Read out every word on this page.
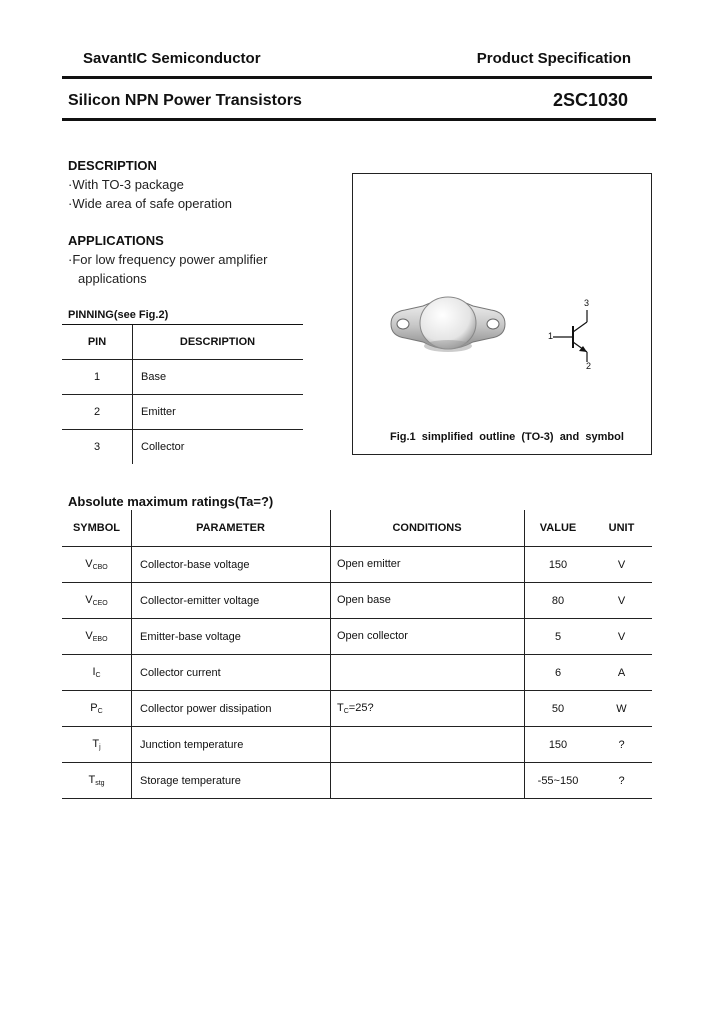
SavantIC Semiconductor	Product Specification
Silicon NPN Power Transistors	2SC1030
DESCRIPTION
·With TO-3 package
·Wide area of safe operation
APPLICATIONS
·For low frequency power amplifier
applications
PINNING(see Fig.2)
PIN	DESCRIPTION
1	Base
2	Emitter
3	Collector
3
1
2
Fig.1  simplified  outline  (TO-3)  and  symbol
Absolute maximum ratings(Ta=?)
SYMBOL	PARAMETER	CONDITIONS	VALUE	UNIT
$V_{CBO}$	Collector-base voltage	Open emitter	150	V
$V_{CEO}$	Collector-emitter voltage	Open base	80	V
$V_{EBO}$	Emitter-base voltage	Open collector	5	V
$I_C$	Collector current		6	A
$P_C$	Collector power dissipation	$T_C=25$?	50	W
$T_j$	Junction temperature		150	?
$T_{stg}$	Storage temperature		-55~150	?
